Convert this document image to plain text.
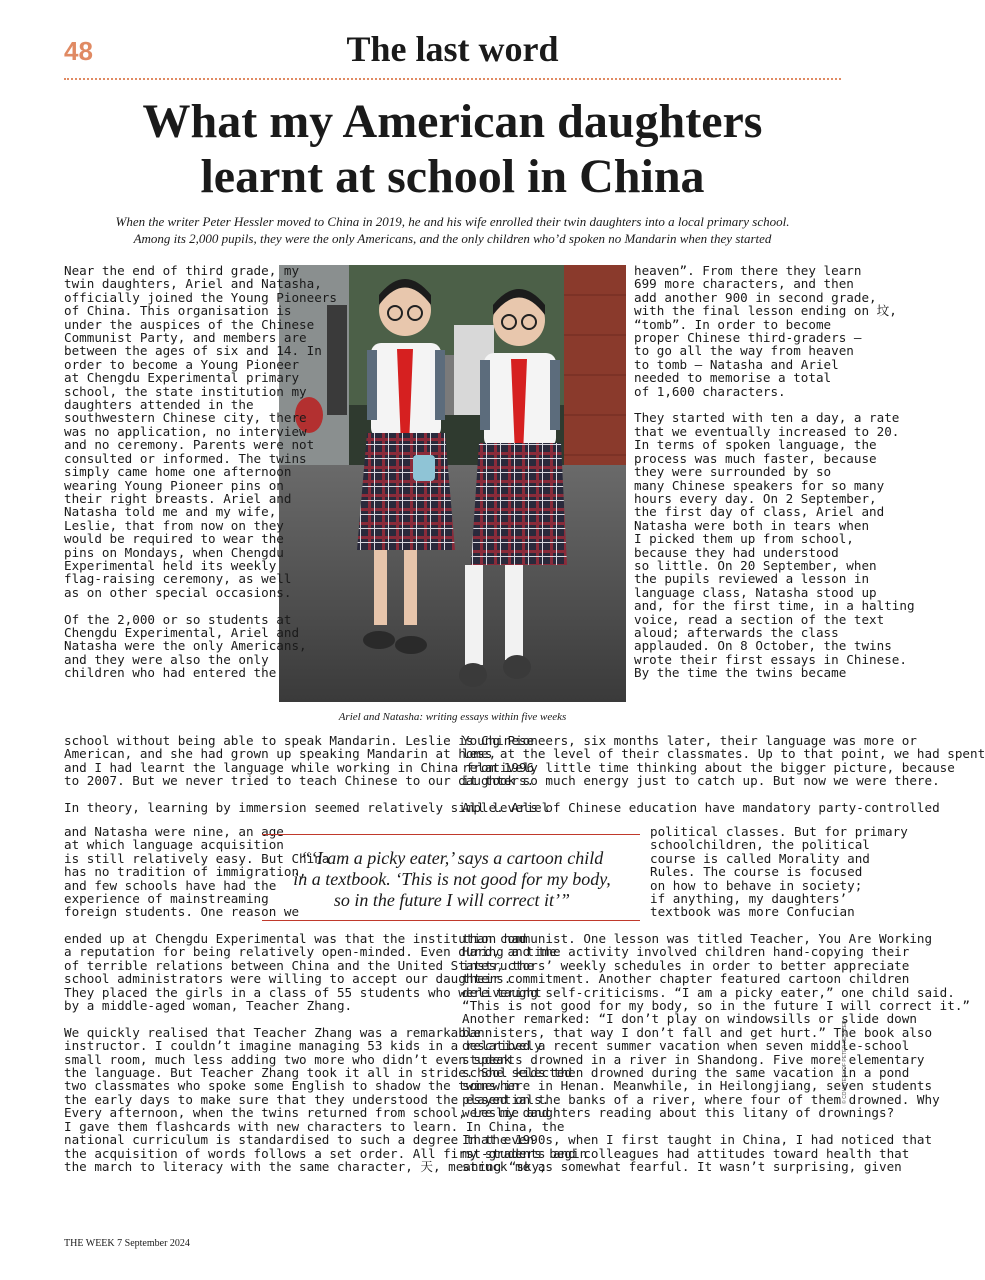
48	The last word
What my American daughters
learnt at school in China
When the writer Peter Hessler moved to China in 2019, he and his wife enrolled their twin daughters into a local primary school.
Among its 2,000 pupils, they were the only Americans, and the only children who’d spoken no Mandarin when they started
Ariel and Natasha: writing essays within five weeks
Near the end of third grade, my
twin daughters, Ariel and Natasha,
officially joined the Young Pioneers
of China. This organisation is
under the auspices of the Chinese
Communist Party, and members are
between the ages of six and 14. In
order to become a Young Pioneer
at Chengdu Experimental primary
school, the state institution my
daughters attended in the
southwestern Chinese city, there
was no application, no interview
and no ceremony. Parents were not
consulted or informed. The twins
simply came home one afternoon
wearing Young Pioneer pins on
their right breasts. Ariel and
Natasha told me and my wife,
Leslie, that from now on they
would be required to wear the
pins on Mondays, when Chengdu
Experimental held its weekly
flag-raising ceremony, as well
as on other special occasions.

Of the 2,000 or so students at
Chengdu Experimental, Ariel and
Natasha were the only Americans,
and they were also the only
children who had entered the
heaven”. From there they learn
699 more characters, and then
add another 900 in second grade,
with the final lesson ending on 坟,
“tomb”. In order to become
proper Chinese third-graders –
to go all the way from heaven
to tomb – Natasha and Ariel
needed to memorise a total
of 1,600 characters.

They started with ten a day, a rate
that we eventually increased to 20.
In terms of spoken language, the
process was much faster, because
they were surrounded by so
many Chinese speakers for so many
hours every day. On 2 September,
the first day of class, Ariel and
Natasha were both in tears when
I picked them up from school,
because they had understood
so little. On 20 September, when
the pupils reviewed a lesson in
language class, Natasha stood up
and, for the first time, in a halting
voice, read a section of the text
aloud; afterwards the class
applauded. On 8 October, the twins
wrote their first essays in Chinese.
By the time the twins became
school without being able to speak Mandarin. Leslie is Chinese
American, and she had grown up speaking Mandarin at home,
and I had learnt the language while working in China from 1996
to 2007. But we never tried to teach Chinese to our daughters.

In theory, learning by immersion seemed relatively simple. Ariel
Young Pioneers, six months later, their language was more or
less at the level of their classmates. Up to that point, we had spent
relatively little time thinking about the bigger picture, because
it took so much energy just to catch up. But now we were there.

All levels of Chinese education have mandatory party-controlled
and Natasha were nine, an age
at which language acquisition
is still relatively easy. But China
has no tradition of immigration,
and few schools have had the
experience of mainstreaming
foreign students. One reason we
political classes. But for primary
schoolchildren, the political
course is called Morality and
Rules. The course is focused
on how to behave in society;
if anything, my daughters’
textbook was more Confucian
ended up at Chengdu Experimental was that the institution had
a reputation for being relatively open-minded. Even during a time
of terrible relations between China and the United States, the
school administrators were willing to accept our daughters.
They placed the girls in a class of 55 students who were taught
by a middle-aged woman, Teacher Zhang.

We quickly realised that Teacher Zhang was a remarkable
instructor. I couldn’t imagine managing 53 kids in a relatively
small room, much less adding two more who didn’t even speak
the language. But Teacher Zhang took it all in stride. She selected
two classmates who spoke some English to shadow the twins in
the early days to make sure that they understood the essentials.
Every afternoon, when the twins returned from school, Leslie and
I gave them flashcards with new characters to learn. In China, the
national curriculum is standardised to such a degree that even
the acquisition of words follows a set order. All first-graders begin
the march to literacy with the same character, 天, meaning “sky;
than communist. One lesson was titled Teacher, You Are Working
Hard, and the activity involved children hand-copying their
instructors’ weekly schedules in order to better appreciate
their commitment. Another chapter featured cartoon children
delivering self-criticisms. “I am a picky eater,” one child said.
“This is not good for my body, so in the future I will correct it.”
Another remarked: “I don’t play on windowsills or slide down
bannisters, that way I don’t fall and get hurt.” The book also
described a recent summer vacation when seven middle-school
students drowned in a river in Shandong. Five more elementary
school kids then drowned during the same vacation in a pond
somewhere in Henan. Meanwhile, in Heilongjiang, seven students
played on the banks of a river, where four of them drowned. Why
were my daughters reading about this litany of drownings?

In the 1990s, when I first taught in China, I had noticed that
my students and colleagues had attitudes toward health that
struck me as somewhat fearful. It wasn’t surprising, given
“‘I am a picky eater,’ says a cartoon child
in a textbook. ‘This is not good for my body,
so in the future I will correct it’”
© COURTESY OF PETER HESSLER
THE WEEK 7 September 2024
